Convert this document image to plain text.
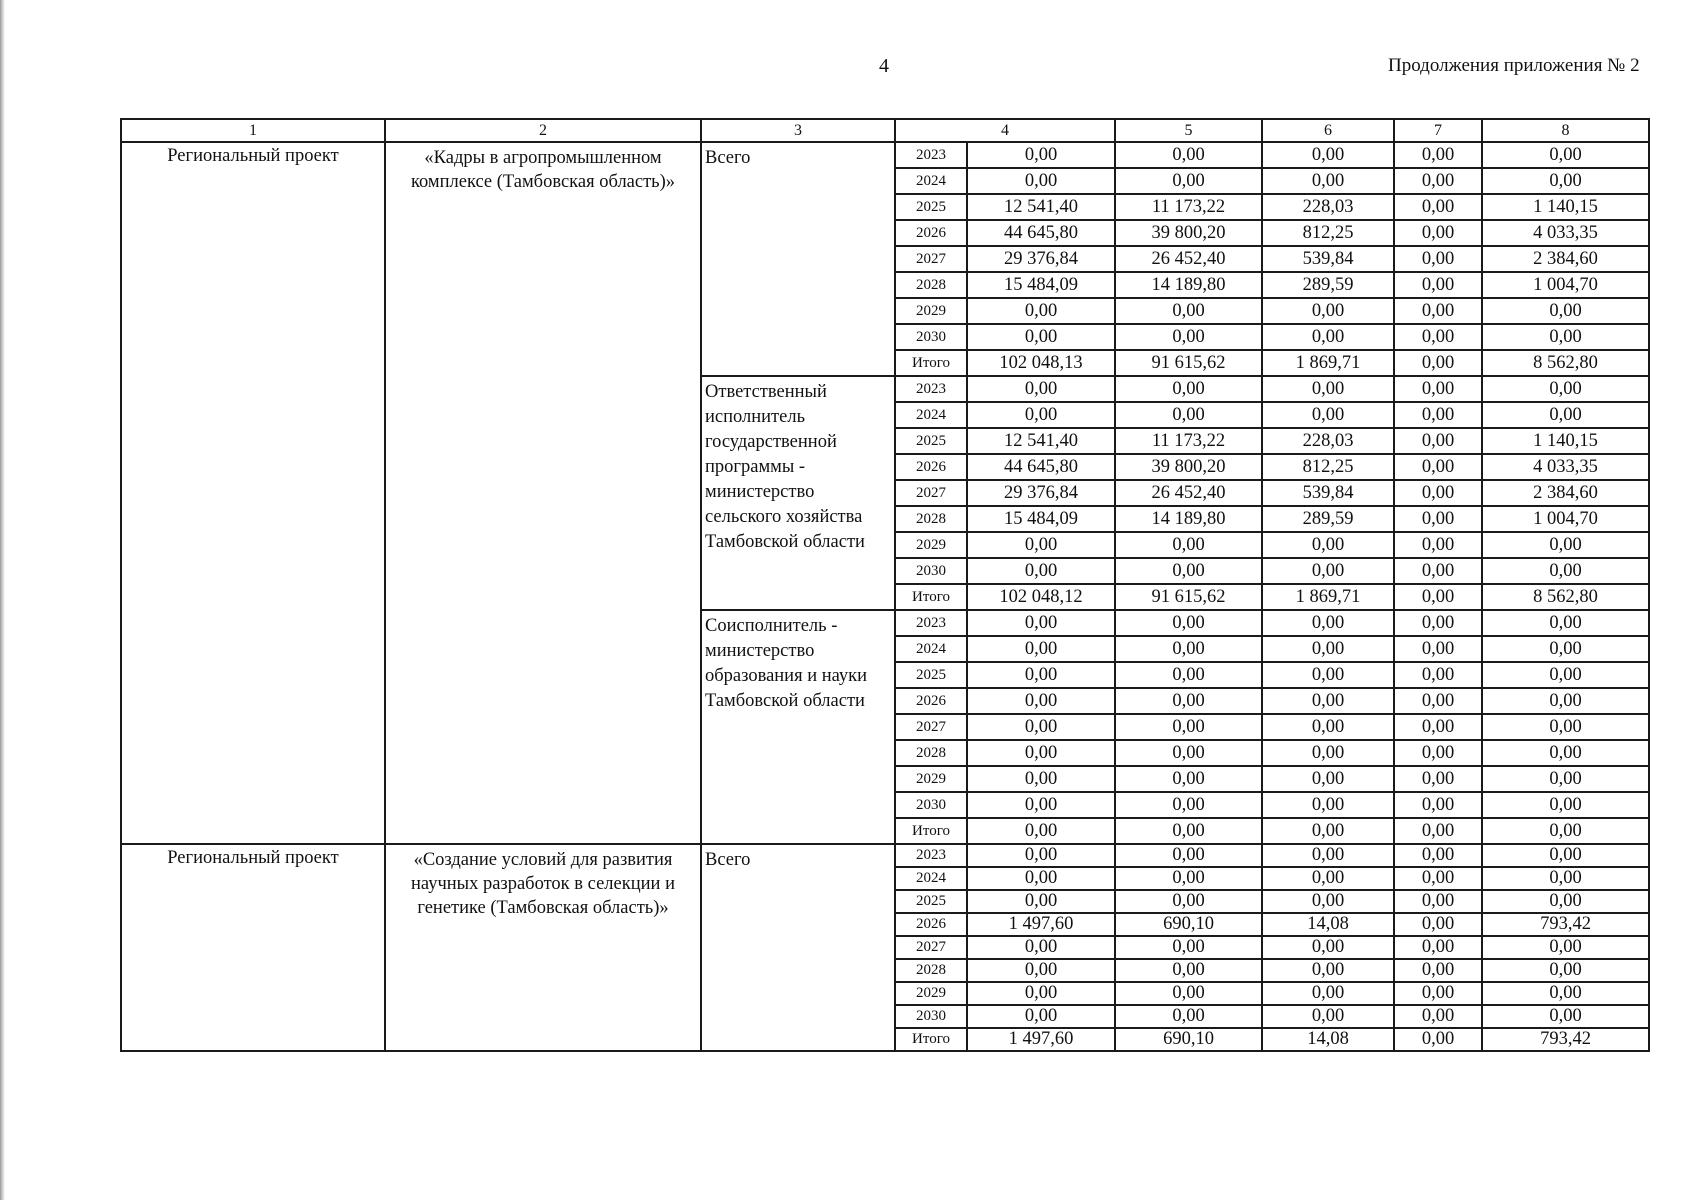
4	Продолжения приложения № 2
1	2	3	4		5	6	7	8
Региональный проект	«Кадры в агропромышленном комплексе (Тамбовская область)»	Всего	2023	0,00	0,00	0,00	0,00	0,00
			2024	0,00	0,00	0,00	0,00	0,00
			2025	12 541,40	11 173,22	228,03	0,00	1 140,15
			2026	44 645,80	39 800,20	812,25	0,00	4 033,35
			2027	29 376,84	26 452,40	539,84	0,00	2 384,60
			2028	15 484,09	14 189,80	289,59	0,00	1 004,70
			2029	0,00	0,00	0,00	0,00	0,00
			2030	0,00	0,00	0,00	0,00	0,00
			Итого	102 048,13	91 615,62	1 869,71	0,00	8 562,80
		Ответственный исполнитель государственной программы - министерство сельского хозяйства Тамбовской области	2023	0,00	0,00	0,00	0,00	0,00
			2024	0,00	0,00	0,00	0,00	0,00
			2025	12 541,40	11 173,22	228,03	0,00	1 140,15
			2026	44 645,80	39 800,20	812,25	0,00	4 033,35
			2027	29 376,84	26 452,40	539,84	0,00	2 384,60
			2028	15 484,09	14 189,80	289,59	0,00	1 004,70
			2029	0,00	0,00	0,00	0,00	0,00
			2030	0,00	0,00	0,00	0,00	0,00
			Итого	102 048,12	91 615,62	1 869,71	0,00	8 562,80
		Соисполнитель - министерство образования и науки Тамбовской области	2023	0,00	0,00	0,00	0,00	0,00
			2024	0,00	0,00	0,00	0,00	0,00
			2025	0,00	0,00	0,00	0,00	0,00
			2026	0,00	0,00	0,00	0,00	0,00
			2027	0,00	0,00	0,00	0,00	0,00
			2028	0,00	0,00	0,00	0,00	0,00
			2029	0,00	0,00	0,00	0,00	0,00
			2030	0,00	0,00	0,00	0,00	0,00
			Итого	0,00	0,00	0,00	0,00	0,00
Региональный проект	«Создание условий для развития научных разработок в селекции и генетике (Тамбовская область)»	Всего	2023	0,00	0,00	0,00	0,00	0,00
			2024	0,00	0,00	0,00	0,00	0,00
			2025	0,00	0,00	0,00	0,00	0,00
			2026	1 497,60	690,10	14,08	0,00	793,42
			2027	0,00	0,00	0,00	0,00	0,00
			2028	0,00	0,00	0,00	0,00	0,00
			2029	0,00	0,00	0,00	0,00	0,00
			2030	0,00	0,00	0,00	0,00	0,00
			Итого	1 497,60	690,10	14,08	0,00	793,42
